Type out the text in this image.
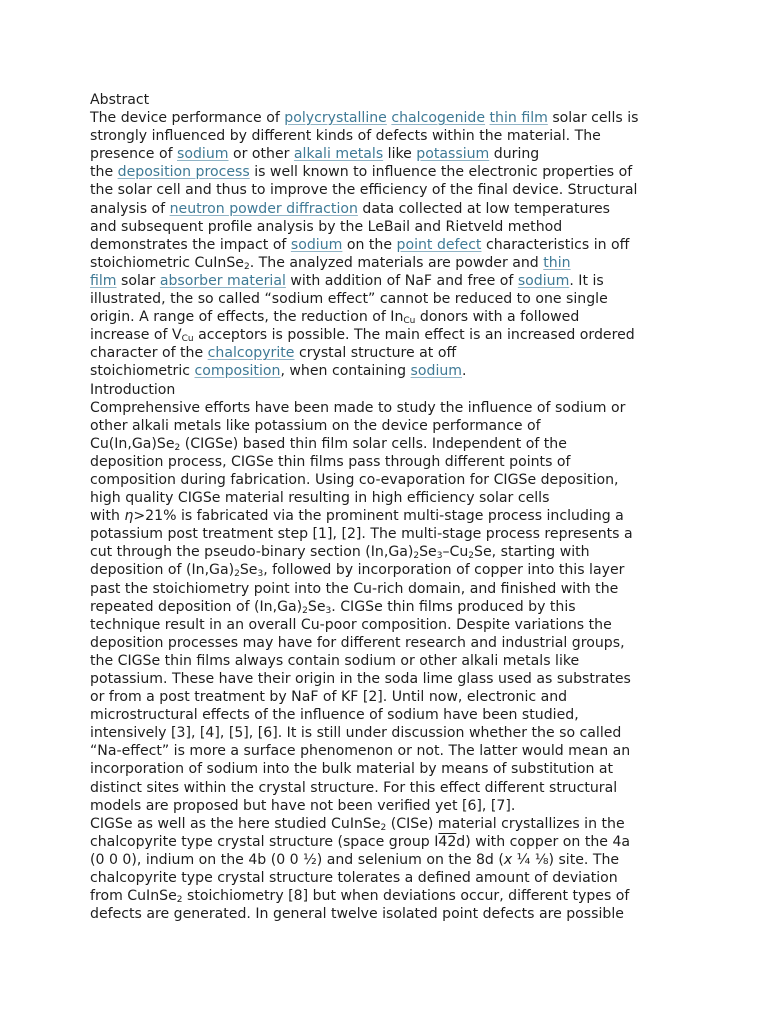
Abstract
The device performance of polycrystalline chalcogenide thin film solar cells is
strongly influenced by different kinds of defects within the material. The
presence of sodium or other alkali metals like potassium during
the deposition process is well known to influence the electronic properties of
the solar cell and thus to improve the efficiency of the final device. Structural
analysis of neutron powder diffraction data collected at low temperatures
and subsequent profile analysis by the LeBail and Rietveld method
demonstrates the impact of sodium on the point defect characteristics in off
stoichiometric CuInSe$_2$. The analyzed materials are powder and thin
film solar absorber material with addition of NaF and free of sodium. It is
illustrated, the so called “sodium effect” cannot be reduced to one single
origin. A range of effects, the reduction of $In_{Cu}$ donors with a followed
increase of $V_{Cu}$ acceptors is possible. The main effect is an increased ordered
character of the chalcopyrite crystal structure at off
stoichiometric composition, when containing sodium.
Introduction
Comprehensive efforts have been made to study the influence of sodium or
other alkali metals like potassium on the device performance of
$Cu(In,Ga)Se_2$ (CIGSe) based thin film solar cells. Independent of the
deposition process, CIGSe thin films pass through different points of
composition during fabrication. Using co-evaporation for CIGSe deposition,
high quality CIGSe material resulting in high efficiency solar cells
with η>21% is fabricated via the prominent multi-stage process including a
potassium post treatment step [1], [2]. The multi-stage process represents a
cut through the pseudo-binary section $(In,Ga)_2Se_3-Cu_2Se$, starting with
deposition of $(In,Ga)_2Se_3$, followed by incorporation of copper into this layer
past the stoichiometry point into the Cu-rich domain, and finished with the
repeated deposition of $(In,Ga)_2Se_3$. CIGSe thin films produced by this
technique result in an overall Cu-poor composition. Despite variations the
deposition processes may have for different research and industrial groups,
the CIGSe thin films always contain sodium or other alkali metals like
potassium. These have their origin in the soda lime glass used as substrates
or from a post treatment by NaF of KF [2]. Until now, electronic and
microstructural effects of the influence of sodium have been studied,
intensively [3], [4], [5], [6]. It is still under discussion whether the so called
“Na-effect” is more a surface phenomenon or not. The latter would mean an
incorporation of sodium into the bulk material by means of substitution at
distinct sites within the crystal structure. For this effect different structural
models are proposed but have not been verified yet [6], [7].
CIGSe as well as the here studied CuInSe$_2$ (CISe) material crystallizes in the
chalcopyrite type crystal structure (space group I42d) with copper on the 4a
(0 0 0), indium on the 4b (0 0 ½) and selenium on the 8d (x ¼ ⅛) site. The
chalcopyrite type crystal structure tolerates a defined amount of deviation
from CuInSe$_2$ stoichiometry [8] but when deviations occur, different types of
defects are generated. In general twelve isolated point defects are possible
